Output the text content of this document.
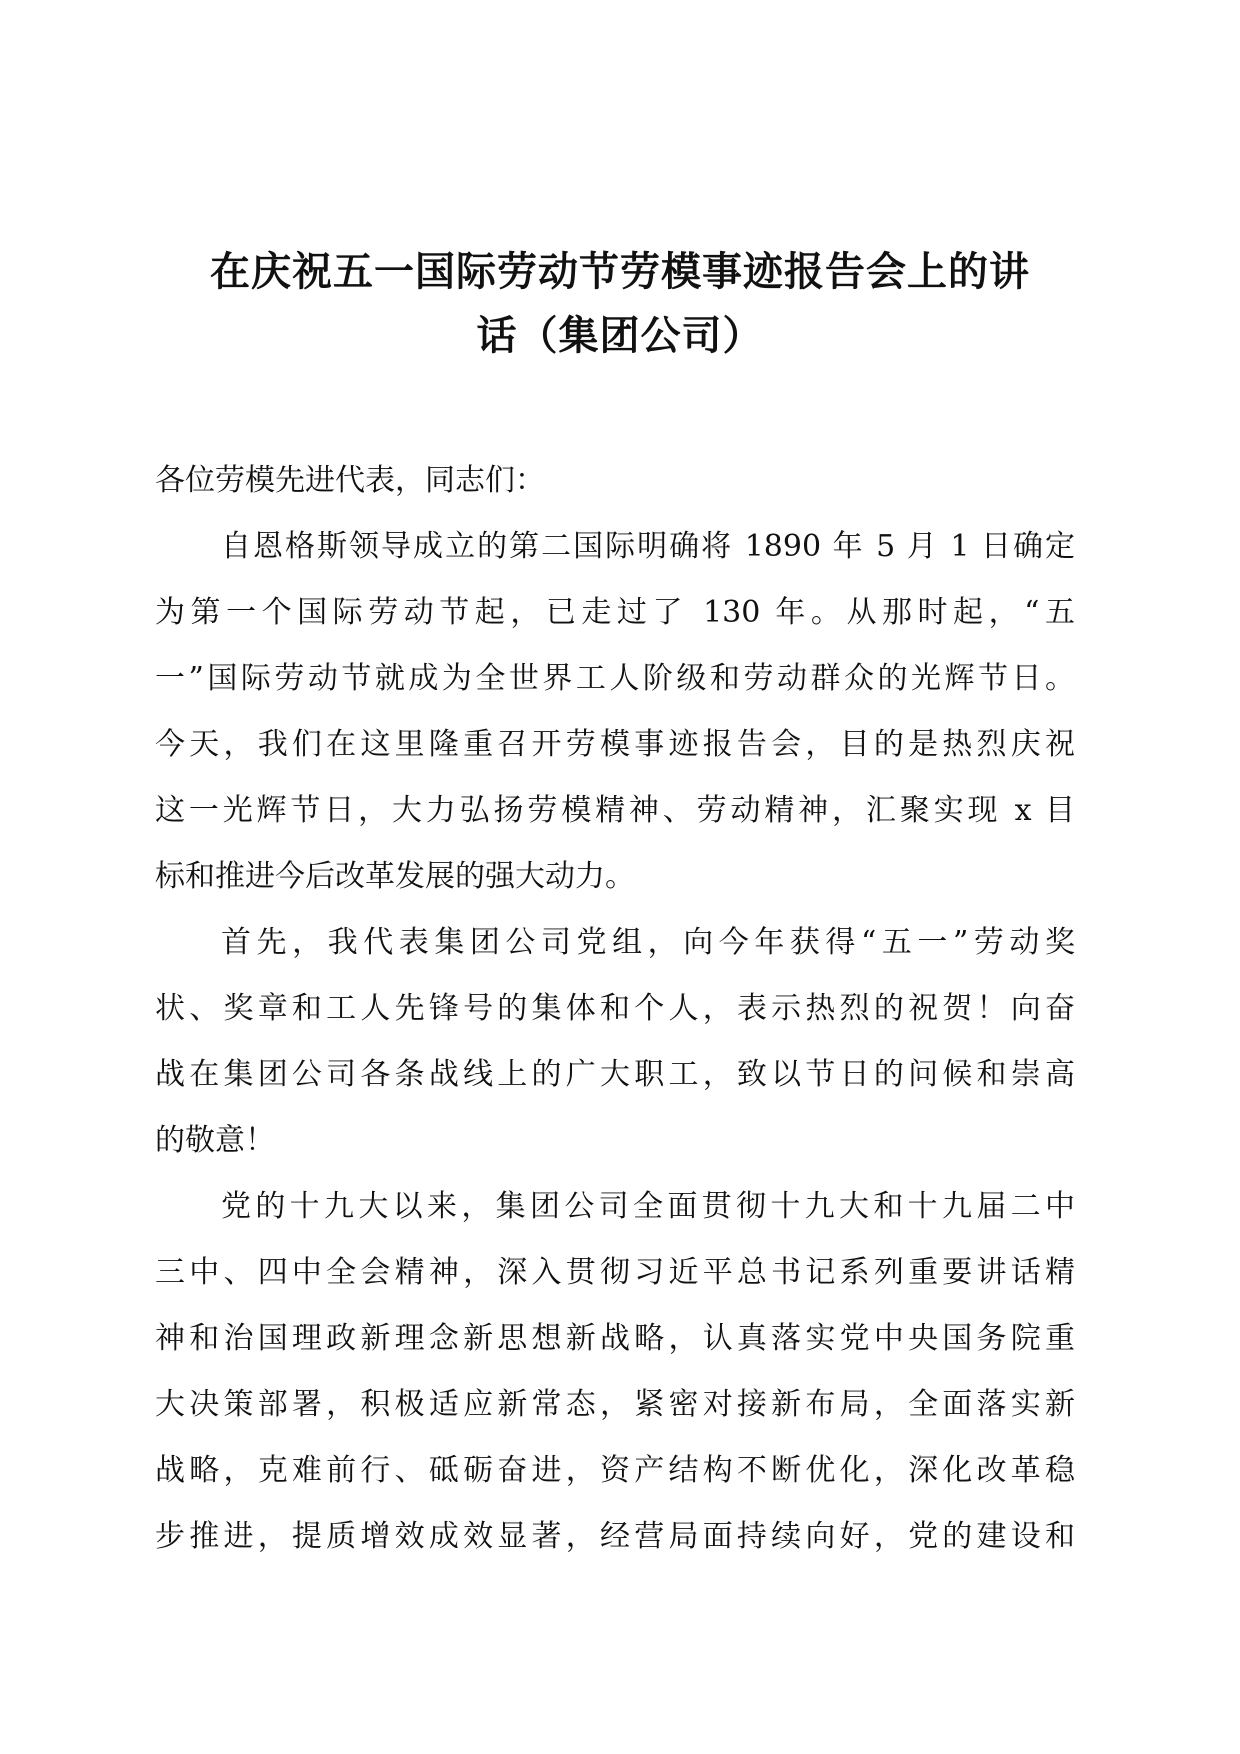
在庆祝五一国际劳动节劳模事迹报告会上的讲

话（集团公司）

各位劳模先进代表，同志们：

自恩格斯领导成立的第二国际明确将 1890 年 5 月 1 日确定
为第一个国际劳动节起，已走过了 130 年。从那时起，“五
一”国际劳动节就成为全世界工人阶级和劳动群众的光辉节日。
今天，我们在这里隆重召开劳模事迹报告会，目的是热烈庆祝
这一光辉节日，大力弘扬劳模精神、劳动精神，汇聚实现 x 目
标和推进今后改革发展的强大动力。
首先，我代表集团公司党组，向今年获得“五一”劳动奖
状、奖章和工人先锋号的集体和个人，表示热烈的祝贺！向奋
战在集团公司各条战线上的广大职工，致以节日的问候和崇高
的敬意！
党的十九大以来，集团公司全面贯彻十九大和十九届二中
三中、四中全会精神，深入贯彻习近平总书记系列重要讲话精
神和治国理政新理念新思想新战略，认真落实党中央国务院重
大决策部署，积极适应新常态，紧密对接新布局，全面落实新
战略，克难前行、砥砺奋进，资产结构不断优化，深化改革稳
步推进，提质增效成效显著，经营局面持续向好，党的建设和
